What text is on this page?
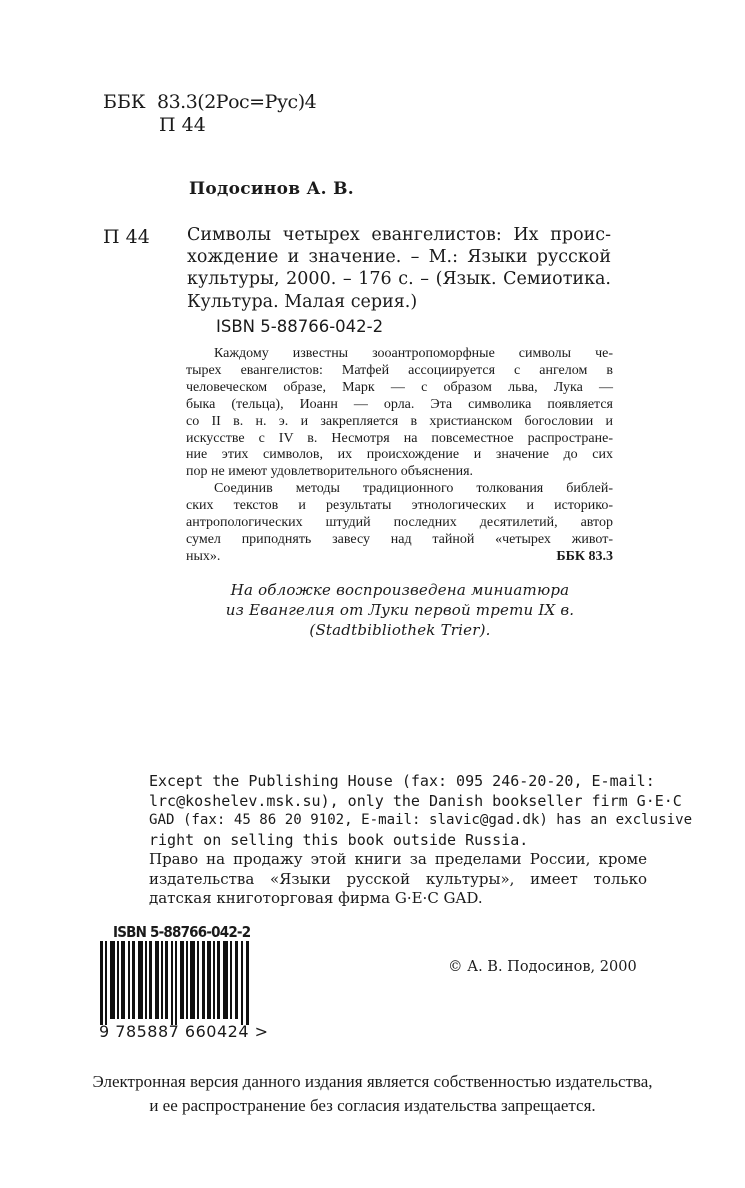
ББК 83.3(2Рос=Рус)4
П 44
Подосинов А. В.
П 44 Символы четырех евангелистов: Их проис-
хождение и значение. – М.: Языки русской
культуры, 2000. – 176 с. – (Язык. Семиотика.
Культура. Малая серия.)
ISBN 5-88766-042-2
Каждому известны зооантропоморфные символы че-
тырех евангелистов: Матфей ассоциируется с ангелом в
человеческом образе, Марк — с образом льва, Лука —
быка (тельца), Иоанн — орла. Эта символика появляется
со II в. н. э. и закрепляется в христианском богословии и
искусстве с IV в. Несмотря на повсеместное распростране-
ние этих символов, их происхождение и значение до сих
пор не имеют удовлетворительного объяснения.
Соединив методы традиционного толкования библей-
ских текстов и результаты этнологических и историко-
антропологических штудий последних десятилетий, автор
сумел приподнять завесу над тайной «четырех живот-
ных».	ББК 83.3
На обложке воспроизведена миниатюра
из Евангелия от Луки первой трети IX в.
(Stadtbibliothek Trier).
Except the Publishing House (fax: 095 246-20-20, E-mail:
lrc@koshelev.msk.su), only the Danish bookseller firm G·E·C
GAD (fax: 45 86 20 9102, E-mail: slavic@gad.dk) has an exclusive
right on selling this book outside Russia.
Право на продажу этой книги за пределами России, кроме
издательства «Языки русской культуры», имеет только
датская книготорговая фирма G·E·C GAD.
ISBN 5-88766-042-2
9 785887 660424 >
© А. В. Подосинов, 2000
Электронная версия данного издания является собственностью издательства,
и ее распространение без согласия издательства запрещается.
